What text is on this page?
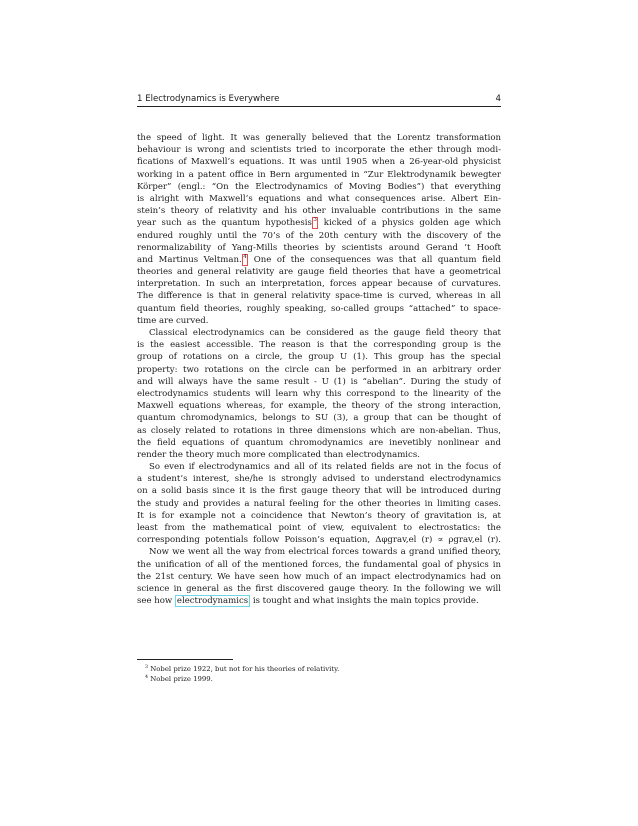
1 Electrodynamics is Everywhere	4
the speed of light. It was generally believed that the Lorentz transformation
behaviour is wrong and scientists tried to incorporate the ether through modi-
fications of Maxwell’s equations. It was until 1905 when a 26-year-old physicist
working in a patent office in Bern argumented in “Zur Elektrodynamik bewegter
Körper” (engl.: “On the Electrodynamics of Moving Bodies”) that everything
is alright with Maxwell’s equations and what consequences arise. Albert Ein-
stein’s theory of relativity and his other invaluable contributions in the same
year such as the quantum hypothesis $^3$ kicked of a physics golden age which
endured roughly until the 70’s of the 20th century with the discovery of the
renormalizability of Yang-Mills theories by scientists around Gerand ’t Hooft
and Martinus Veltman. $^4$ One of the consequences was that all quantum field
theories and general relativity are gauge field theories that have a geometrical
interpretation. In such an interpretation, forces appear because of curvatures.
The difference is that in general relativity space-time is curved, whereas in all
quantum field theories, roughly speaking, so-called groups “attached” to space-
time are curved.
Classical electrodynamics can be considered as the gauge field theory that
is the easiest accessible. The reason is that the corresponding group is the
group of rotations on a circle, the group U (1). This group has the special
property: two rotations on the circle can be performed in an arbitrary order
and will always have the same result - U (1) is “abelian”. During the study of
electrodynamics students will learn why this correspond to the linearity of the
Maxwell equations whereas, for example, the theory of the strong interaction,
quantum chromodynamics, belongs to SU (3), a group that can be thought of
as closely related to rotations in three dimensions which are non-abelian. Thus,
the field equations of quantum chromodynamics are inevetibly nonlinear and
render the theory much more complicated than electrodynamics.
So even if electrodynamics and all of its related fields are not in the focus of
a student’s interest, she/he is strongly advised to understand electrodynamics
on a solid basis since it is the first gauge theory that will be introduced during
the study and provides a natural feeling for the other theories in limiting cases.
It is for example not a coincidence that Newton’s theory of gravitation is, at
least from the mathematical point of view, equivalent to electrostatics: the
corresponding potentials follow Poisson’s equation, Δφgrav,el (r) ∝ ρgrav,el (r).
Now we went all the way from electrical forces towards a grand unified theory,
the unification of all of the mentioned forces, the fundamental goal of physics in
the 21st century. We have seen how much of an impact electrodynamics had on
science in general as the first discovered gauge theory. In the following we will
see how electrodynamics is tought and what insights the main topics provide.
$^3$ Nobel prize 1922, but not for his theories of relativity.
$^4$ Nobel prize 1999.
